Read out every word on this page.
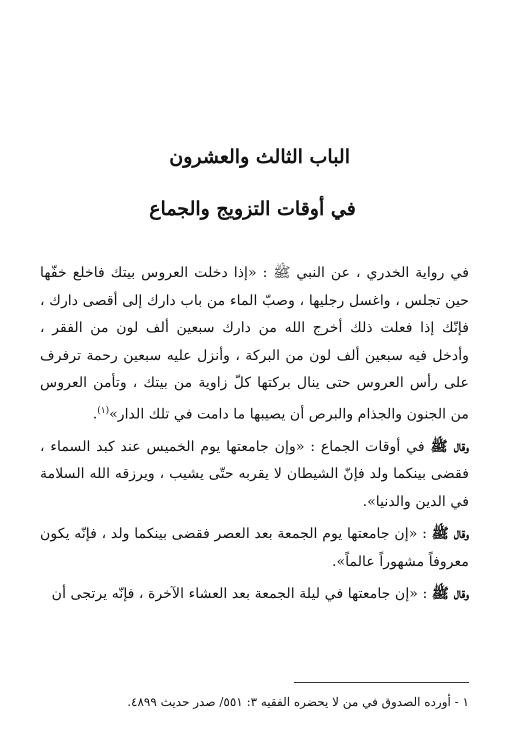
الباب الثالث والعشرون
في أوقات التزويج والجماع

في رواية الخدري ، عن النبي ﷺ : «إذا دخلت العروس بيتك فاخلع خفّها حين تجلس ، واغسل رجليها ، وصبّ الماء من باب دارك إلى أقصى دارك ، فإنّك إذا فعلت ذلك أخرج الله من دارك سبعين ألف لون من الفقر ، وأدخل فيه سبعين ألف لون من البركة ، وأنزل عليه سبعين رحمة ترفرف على رأس العروس حتى ينال بركتها كلّ زاوية من بيتك ، وتأمن العروس من الجنون والجذام والبرص أن يصيبها ما دامت في تلك الدار»$^{(١)}$.

وقال ﷺ في أوقات الجماع : «وإن جامعتها يوم الخميس عند كبد السماء ، فقضى بينكما ولد فإنّ الشيطان لا يقربه حتّى يشيب ، ويرزقه الله السلامة في الدين والدنيا».

وقال ﷺ : «إن جامعتها يوم الجمعة بعد العصر فقضى بينكما ولد ، فإنّه يكون معروفاً مشهوراً عالماً».

وقال ﷺ : «إن جامعتها في ليلة الجمعة بعد العشاء الآخرة ، فإنّه يرتجى أن

١ - أورده الصدوق في من لا يحضره الفقيه ٣: ٥٥١/ صدر حديث ٤٨٩٩.
